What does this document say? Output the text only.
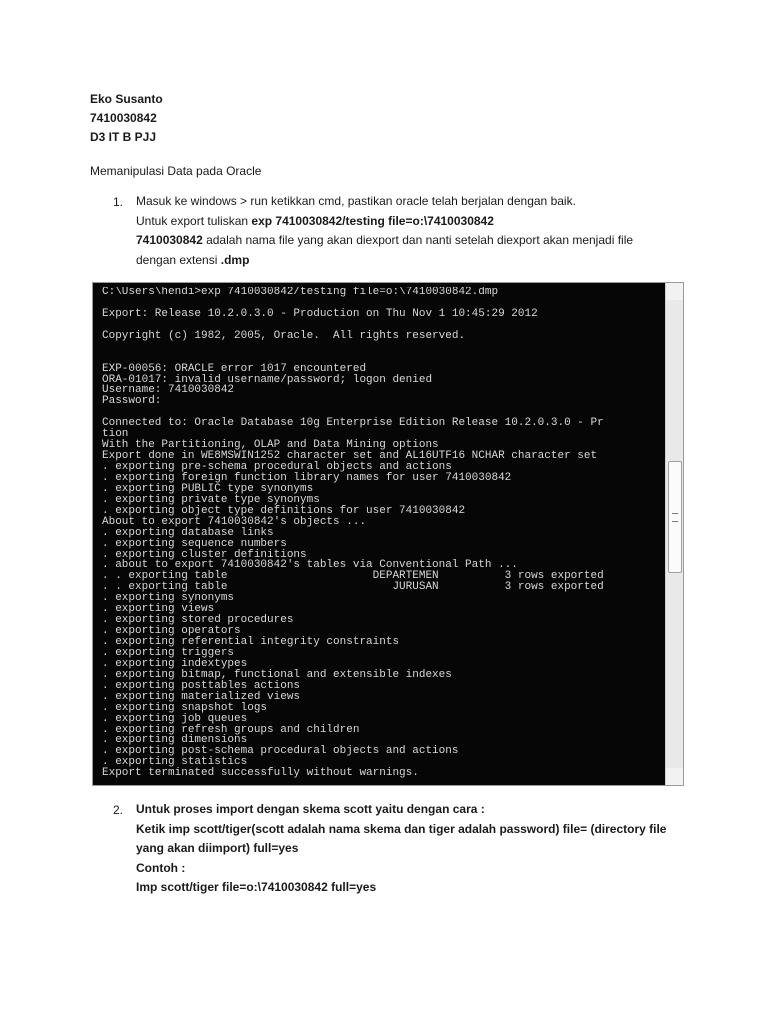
Eko Susanto
7410030842
D3 IT B PJJ
Memanipulasi Data pada Oracle
1. Masuk ke windows > run ketikkan cmd, pastikan oracle telah berjalan dengan baik.
Untuk export tuliskan exp 7410030842/testing file=o:\7410030842
7410030842 adalah nama file yang akan diexport dan nanti setelah diexport akan menjadi file
dengan extensi .dmp
C:\Users\hendi>exp 7410030842/testing file=o:\7410030842.dmp
Export: Release 10.2.0.3.0 - Production on Thu Nov 1 10:45:29 2012
Copyright (c) 1982, 2005, Oracle.  All rights reserved.
EXP-00056: ORACLE error 1017 encountered
ORA-01017: invalid username/password; logon denied
Username: 7410030842
Password:
Connected to: Oracle Database 10g Enterprise Edition Release 10.2.0.3.0 - Pr
tion
With the Partitioning, OLAP and Data Mining options
Export done in WE8MSWIN1252 character set and AL16UTF16 NCHAR character set
. exporting pre-schema procedural objects and actions
. exporting foreign function library names for user 7410030842
. exporting PUBLIC type synonyms
. exporting private type synonyms
. exporting object type definitions for user 7410030842
About to export 7410030842's objects ...
. exporting database links
. exporting sequence numbers
. exporting cluster definitions
. about to export 7410030842's tables via Conventional Path ...
. . exporting table                      DEPARTEMEN          3 rows exported
. . exporting table                         JURUSAN          3 rows exported
. exporting synonyms
. exporting views
. exporting stored procedures
. exporting operators
. exporting referential integrity constraints
. exporting triggers
. exporting indextypes
. exporting bitmap, functional and extensible indexes
. exporting posttables actions
. exporting materialized views
. exporting snapshot logs
. exporting job queues
. exporting refresh groups and children
. exporting dimensions
. exporting post-schema procedural objects and actions
. exporting statistics
Export terminated successfully without warnings.
2. Untuk proses import dengan skema scott yaitu dengan cara :
Ketik imp scott/tiger(scott adalah nama skema dan tiger adalah password) file= (directory file
yang akan diimport) full=yes
Contoh :
Imp scott/tiger file=o:\7410030842 full=yes
